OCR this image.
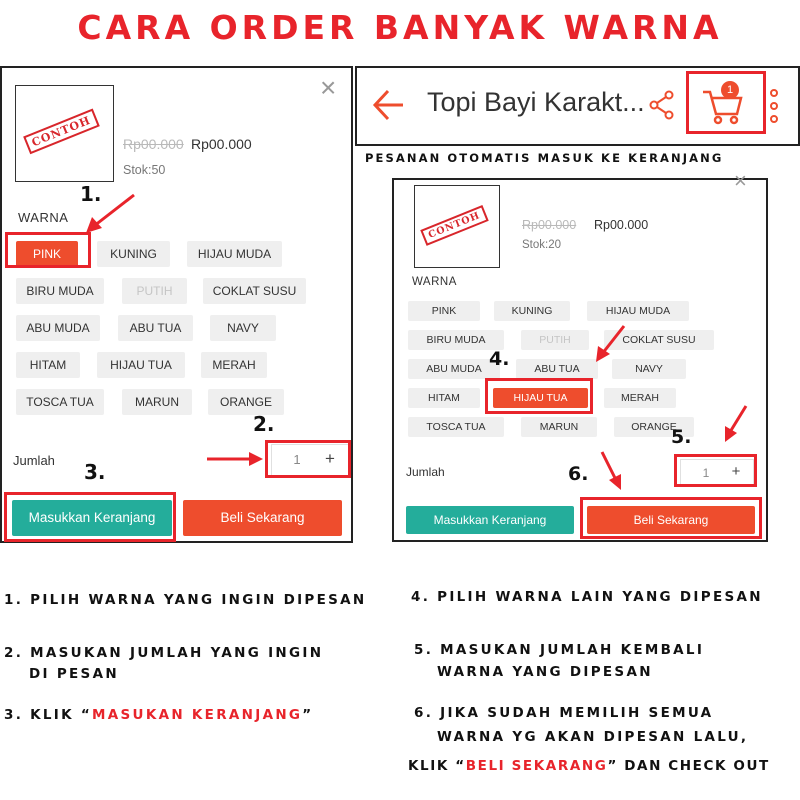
CARA ORDER BANYAK WARNA
×
CONTOH	Rp00.000 Rp00.000
Stok:50
WARNA
PINK	KUNING	HIJAU MUDA
BIRU MUDA	PUTIH	COKLAT SUSU
ABU MUDA	ABU TUA	NAVY
HITAM	HIJAU TUA	MERAH
TOSCA TUA	MARUN	ORANGE
Jumlah	1	+
Masukkan Keranjang	Beli Sekarang
1.
2.
3.
Topi Bayi Karakt...	1
PESANAN OTOMATIS MASUK KE KERANJANG
×
CONTOH	Rp00.000 Rp00.000
Stok:20
WARNA
PINK	KUNING	HIJAU MUDA
BIRU MUDA	PUTIH	COKLAT SUSU
ABU MUDA	ABU TUA	NAVY
HITAM	HIJAU TUA	MERAH
TOSCA TUA	MARUN	ORANGE
Jumlah	1	+
Masukkan Keranjang	Beli Sekarang
4.
5.
6.
1. PILIH WARNA YANG INGIN DIPESAN
2. MASUKAN JUMLAH YANG INGIN
DI PESAN
3. KLIK “MASUKAN KERANJANG”
4. PILIH WARNA LAIN YANG DIPESAN
5. MASUKAN JUMLAH KEMBALI
WARNA YANG DIPESAN
6. JIKA SUDAH MEMILIH SEMUA
WARNA YG AKAN DIPESAN LALU,
KLIK “BELI SEKARANG” DAN CHECK OUT
